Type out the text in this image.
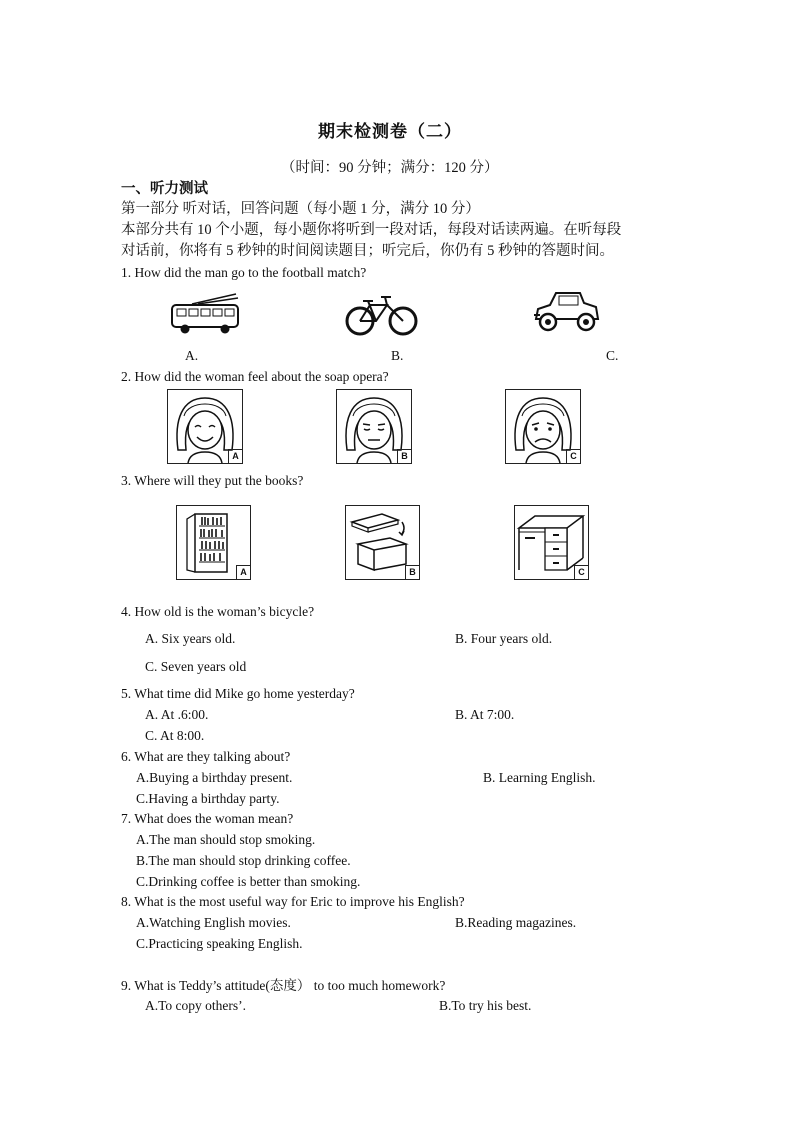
期末检测卷（二）
（时间：90 分钟；满分：120 分）
一、听力测试
第一部分 听对话，回答问题（每小题 1 分，满分 10 分）
本部分共有 10 个小题，每小题你将听到一段对话，每段对话读两遍。在听每段
对话前，你将有 5 秒钟的时间阅读题目；听完后，你仍有 5 秒钟的答题时间。
1. How did the man go to the football match?
A.	B.	C.
2. How did the woman feel about the soap opera?
A	B	C
3. Where will they put the books?
A	B	C
4. How old is the woman’s bicycle?
A. Six years old.	B. Four years old.
C. Seven years old
5. What time did Mike go home yesterday?
A. At .6:00.	B. At 7:00.
C. At 8:00.
6. What are they talking about?
A.Buying a birthday present.	B. Learning English.
C.Having a birthday party.
7. What does the woman mean?
A.The man should stop smoking.
B.The man should stop drinking coffee.
C.Drinking coffee is better than smoking.
8. What is the most useful way for Eric to improve his English?
A.Watching English movies.	B.Reading magazines.
C.Practicing speaking English.
9. What is Teddy’s attitude(态度） to too much homework?
A.To copy others’.	B.To try his best.
